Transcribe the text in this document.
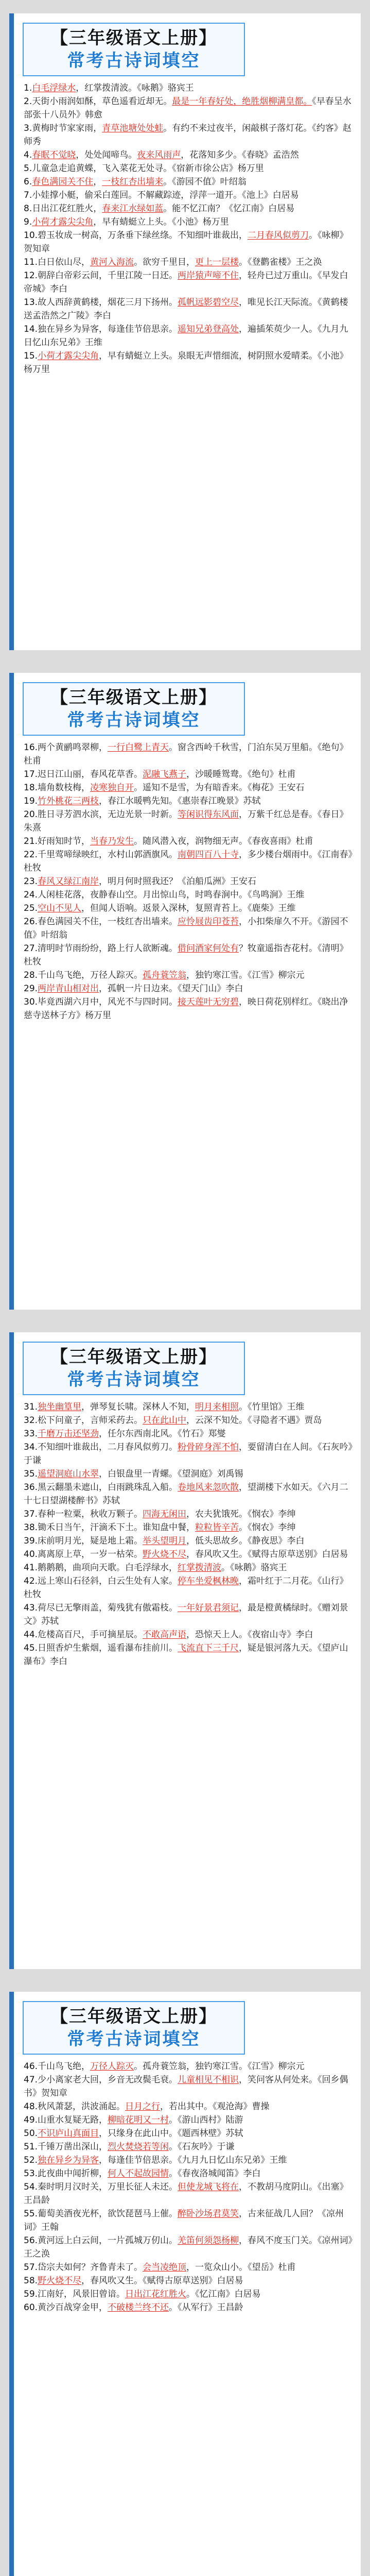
【三年级语文上册】
常考古诗词填空
1.白毛浮绿水，红掌拨清波。《咏鹅》骆宾王
2.天街小雨润如酥，草色遥看近却无。最是一年春好处，绝胜烟柳满皇都。《早春呈水部张十八员外》韩愈
3.黄梅时节家家雨，青草池塘处处蛙。有约不来过夜半，闲敲棋子落灯花。《约客》赵师秀
4.春眠不觉晓，处处闻啼鸟。夜来风雨声，花落知多少。《春晓》孟浩然
5.儿童急走追黄蝶，飞入菜花无处寻。《宿新市徐公店》杨万里
6.春色满园关不住，一枝红杏出墙来。《游园不值》叶绍翁
7.小娃撑小艇，偷采白莲回。不解藏踪迹，浮萍一道开。《池上》白居易
8.日出江花红胜火，春来江水绿如蓝。能不忆江南？《忆江南》白居易
9.小荷才露尖尖角，早有蜻蜓立上头。《小池》杨万里
10.碧玉妆成一树高，万条垂下绿丝绦。不知细叶谁裁出，二月春风似剪刀。《咏柳》贺知章
11.白日依山尽，黄河入海流。欲穷千里目，更上一层楼。《登鹳雀楼》王之涣
12.朝辞白帝彩云间，千里江陵一日还。两岸猿声啼不住，轻舟已过万重山。《早发白帝城》李白
13.故人西辞黄鹤楼，烟花三月下扬州。孤帆远影碧空尽，唯见长江天际流。《黄鹤楼送孟浩然之广陵》李白
14.独在异乡为异客，每逢佳节倍思亲。遥知兄弟登高处，遍插茱萸少一人。《九月九日忆山东兄弟》王维
15.小荷才露尖尖角，早有蜻蜓立上头。泉眼无声惜细流，树阴照水爱晴柔。《小池》杨万里
【三年级语文上册】
常考古诗词填空
16.两个黄鹂鸣翠柳，一行白鹭上青天。窗含西岭千秋雪，门泊东吴万里船。《绝句》杜甫
17.迟日江山丽，春风花草香。泥融飞燕子，沙暖睡鸳鸯。《绝句》杜甫
18.墙角数枝梅，凌寒独自开。遥知不是雪，为有暗香来。《梅花》王安石
19.竹外桃花三两枝，春江水暖鸭先知。《惠崇春江晚景》苏轼
20.胜日寻芳泗水滨，无边光景一时新。等闲识得东风面，万紫千红总是春。《春日》朱熹
21.好雨知时节，当春乃发生。随风潜入夜，润物细无声。《春夜喜雨》杜甫
22.千里莺啼绿映红，水村山郭酒旗风。南朝四百八十寺，多少楼台烟雨中。《江南春》杜牧
23.春风又绿江南岸，明月何时照我还？《泊船瓜洲》王安石
24.人闲桂花落，夜静春山空。月出惊山鸟，时鸣春涧中。《鸟鸣涧》王维
25.空山不见人，但闻人语响。返景入深林，复照青苔上。《鹿柴》王维
26.春色满园关不住，一枝红杏出墙来。应怜屐齿印苍苔，小扣柴扉久不开。《游园不值》叶绍翁
27.清明时节雨纷纷，路上行人欲断魂。借问酒家何处有？牧童遥指杏花村。《清明》杜牧
28.千山鸟飞绝，万径人踪灭。孤舟蓑笠翁，独钓寒江雪。《江雪》柳宗元
29.两岸青山相对出，孤帆一片日边来。《望天门山》李白
30.毕竟西湖六月中，风光不与四时同。接天莲叶无穷碧，映日荷花别样红。《晓出净慈寺送林子方》杨万里
【三年级语文上册】
常考古诗词填空
31.独坐幽篁里，弹琴复长啸。深林人不知，明月来相照。《竹里馆》王维
32.松下问童子，言师采药去。只在此山中，云深不知处。《寻隐者不遇》贾岛
33.千磨万击还坚劲，任尔东西南北风。《竹石》郑燮
34.不知细叶谁裁出，二月春风似剪刀。粉骨碎身浑不怕，要留清白在人间。《石灰吟》于谦
35.遥望洞庭山水翠，白银盘里一青螺。《望洞庭》刘禹锡
36.黑云翻墨未遮山，白雨跳珠乱入船。卷地风来忽吹散，望湖楼下水如天。《六月二十七日望湖楼醉书》苏轼
37.春种一粒粟，秋收万颗子。四海无闲田，农夫犹饿死。《悯农》李绅
38.锄禾日当午，汗滴禾下土。谁知盘中餐，粒粒皆辛苦。《悯农》李绅
39.床前明月光，疑是地上霜。举头望明月，低头思故乡。《静夜思》李白
40.离离原上草，一岁一枯荣。野火烧不尽，春风吹又生。《赋得古原草送别》白居易
41.鹅鹅鹅，曲项向天歌。白毛浮绿水，红掌拨清波。《咏鹅》骆宾王
42.远上寒山石径斜，白云生处有人家。停车坐爱枫林晚，霜叶红于二月花。《山行》杜牧
43.荷尽已无擎雨盖，菊残犹有傲霜枝。一年好景君须记，最是橙黄橘绿时。《赠刘景文》苏轼
44.危楼高百尺，手可摘星辰。不敢高声语，恐惊天上人。《夜宿山寺》李白
45.日照香炉生紫烟，遥看瀑布挂前川。飞流直下三千尺，疑是银河落九天。《望庐山瀑布》李白
【三年级语文上册】
常考古诗词填空
46.千山鸟飞绝，万径人踪灭。孤舟蓑笠翁，独钓寒江雪。《江雪》柳宗元
47.少小离家老大回，乡音无改鬓毛衰。儿童相见不相识，笑问客从何处来。《回乡偶书》贺知章
48.秋风萧瑟，洪波涌起。日月之行，若出其中。《观沧海》曹操
49.山重水复疑无路，柳暗花明又一村。《游山西村》陆游
50.不识庐山真面目，只缘身在此山中。《题西林壁》苏轼
51.千锤万凿出深山，烈火焚烧若等闲。《石灰吟》于谦
52.独在异乡为异客，每逢佳节倍思亲。《九月九日忆山东兄弟》王维
53.此夜曲中闻折柳，何人不起故园情。《春夜洛城闻笛》李白
54.秦时明月汉时关，万里长征人未还。但使龙城飞将在，不教胡马度阴山。《出塞》王昌龄
55.葡萄美酒夜光杯，欲饮琵琶马上催。醉卧沙场君莫笑，古来征战几人回？《凉州词》王翰
56.黄河远上白云间，一片孤城万仞山。羌笛何须怨杨柳，春风不度玉门关。《凉州词》王之涣
57.岱宗夫如何？齐鲁青未了。会当凌绝顶，一览众山小。《望岳》杜甫
58.野火烧不尽，春风吹又生。《赋得古原草送别》白居易
59.江南好，风景旧曾谙。日出江花红胜火。《忆江南》白居易
60.黄沙百战穿金甲，不破楼兰终不还。《从军行》王昌龄
